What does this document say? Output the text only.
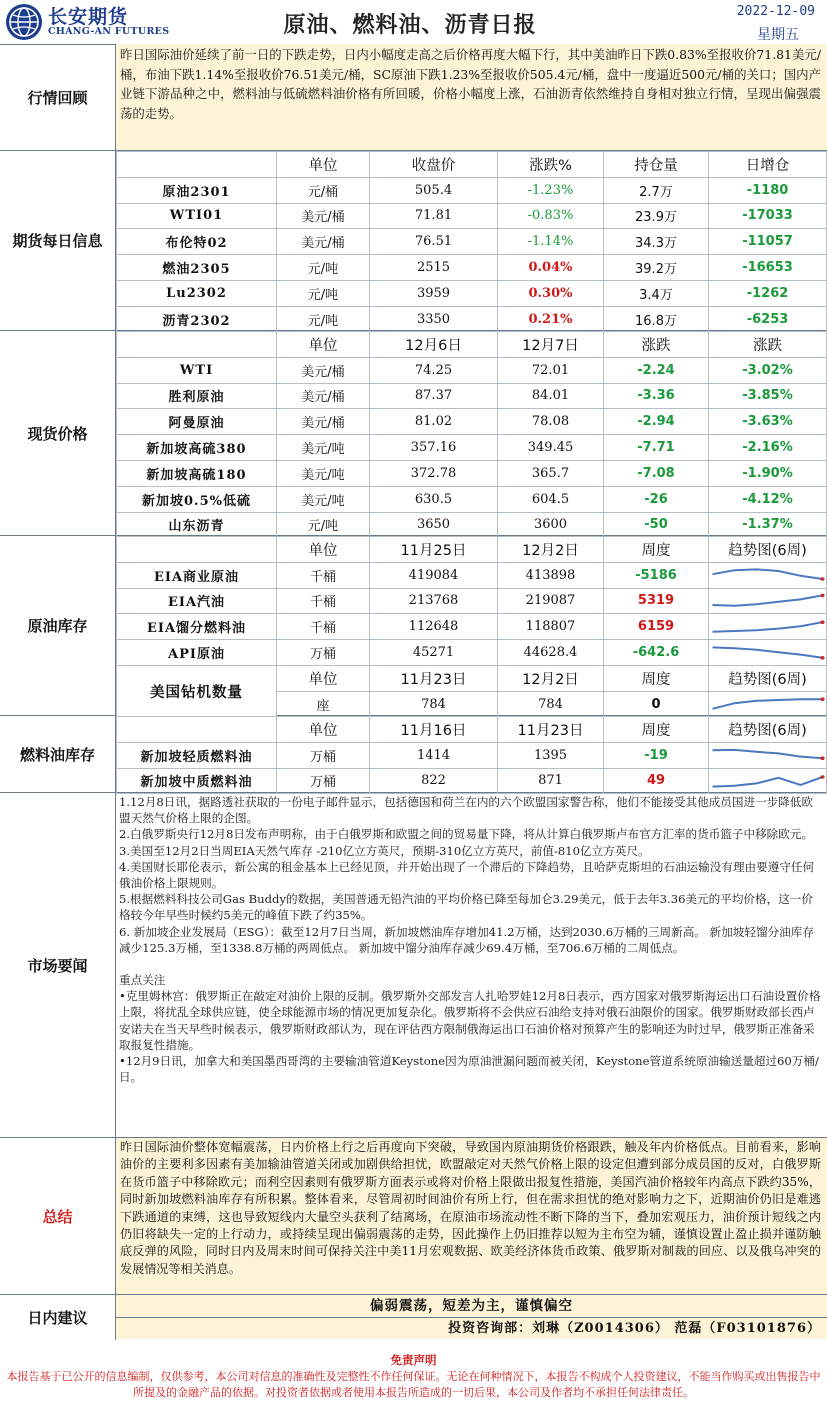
长安期货
CHANG-AN FUTURES	原油、燃料油、沥青日报
2022-12-09
星期五
行情回顾
昨日国际油价延续了前一日的下跌走势，日内小幅度走高之后价格再度大幅下行，其中美油昨日下跌0.83%至报收价71.81美元/桶，布油下跌1.14%至报收价76.51美元/桶，SC原油下跌1.23%至报收价505.4元/桶，盘中一度逼近500元/桶的关口；国内产业链下游品种之中，燃料油与低硫燃料油价格有所回暖，价格小幅度上涨，石油沥青依然维持自身相对独立行情，呈现出偏强震荡的走势。
期货每日信息
	单位	收盘价	涨跌%	持仓量	日增仓
原油2301	元/桶	505.4	-1.23%	2.7万	-1180
WTI01	美元/桶	71.81	-0.83%	23.9万	-17033
布伦特02	美元/桶	76.51	-1.14%	34.3万	-11057
燃油2305	元/吨	2515	0.04%	39.2万	-16653
Lu2302	元/吨	3959	0.30%	3.4万	-1262
沥青2302	元/吨	3350	0.21%	16.8万	-6253
现货价格
	单位	12月6日	12月7日	涨跌	涨跌
WTI	美元/桶	74.25	72.01	-2.24	-3.02%
胜利原油	美元/桶	87.37	84.01	-3.36	-3.85%
阿曼原油	美元/桶	81.02	78.08	-2.94	-3.63%
新加坡高硫380	美元/吨	357.16	349.45	-7.71	-2.16%
新加坡高硫180	美元/吨	372.78	365.7	-7.08	-1.90%
新加坡0.5%低硫	美元/吨	630.5	604.5	-26	-4.12%
山东沥青	元/吨	3650	3600	-50	-1.37%
原油库存
	单位	11月25日	12月2日	周度	趋势图(6周)
EIA商业原油	千桶	419084	413898	-5186	

EIA汽油	千桶	213768	219087	5319	

EIA馏分燃料油	千桶	112648	118807	6159	

API原油	万桶	45271	44628.4	-642.6	

美国钻机数量	单位	11月23日	12月2日	周度	趋势图(6周)
	座	784	784	0	
燃料油库存
	单位	11月16日	11月23日	周度	趋势图(6周)
新加坡轻质燃料油	万桶	1414	1395	-19	

新加坡中质燃料油	万桶	822	871	49	
市场要闻

1.12月8日讯，据路透社获取的一份电子邮件显示，包括德国和荷兰在内的六个欧盟国家警告称，他们不能接受其他成员国进一步降低欧盟天然气价格上限的企图。

2.白俄罗斯央行12月8日发布声明称，由于白俄罗斯和欧盟之间的贸易量下降，将从计算白俄罗斯卢布官方汇率的货币篮子中移除欧元。

3.美国至12月2日当周EIA天然气库存 -210亿立方英尺，预期-310亿立方英尺，前值-810亿立方英尺。

4.美国财长耶伦表示，新公寓的租金基本上已经见顶，并开始出现了一个滞后的下降趋势，且哈萨克斯坦的石油运输没有理由要遵守任何俄油价格上限规则。

5.根据燃料科技公司Gas Buddy的数据，美国普通无铅汽油的平均价格已降至每加仑3.29美元，低于去年3.36美元的平均价格，这一价格较今年早些时候约5美元的峰值下跌了约35%。

6. 新加坡企业发展局（ESG）：截至12月7日当周，新加坡燃油库存增加41.2万桶，达到2030.6万桶的三周新高。 新加坡轻馏分油库存减少125.3万桶，至1338.8万桶的两周低点。 新加坡中馏分油库存减少69.4万桶，至706.6万桶的二周低点。

重点关注

•克里姆林宫：俄罗斯正在敲定对油价上限的反制。俄罗斯外交部发言人扎哈罗娃12月8日表示，西方国家对俄罗斯海运出口石油设置价格上限，将扰乱全球供应链，使全球能源市场的情况更加复杂化。俄罗斯将不会供应石油给支持对俄石油限价的国家。俄罗斯财政部长西卢安诺夫在当天早些时候表示，俄罗斯财政部认为，现在评估西方限制俄海运出口石油价格对预算产生的影响还为时过早，俄罗斯正准备采取报复性措施。

•12月9日讯，加拿大和美国墨西哥湾的主要输油管道Keystone因为原油泄漏问题而被关闭，Keystone管道系统原油输送量超过60万桶/日。

总结
昨日国际油价整体宽幅震荡，日内价格上行之后再度向下突破，导致国内原油期货价格跟跌，触及年内价格低点。目前看来，影响油价的主要利多因素有美加输油管道关闭或加剧供给担忧，欧盟敲定对天然气价格上限的设定但遭到部分成员国的反对，白俄罗斯在货币篮子中移除欧元；而利空因素则有俄罗斯方面表示或将对价格上限做出报复性措施，美国汽油价格较年内高点下跌约35%，同时新加坡燃料油库存有所积累。整体看来，尽管周初时间油价有所上行，但在需求担忧的绝对影响力之下，近期油价仍旧是难逃下跌通道的束缚，这也导致短线内大量空头获利了结离场，在原油市场流动性不断下降的当下，叠加宏观压力，油价预计短线之内仍旧将缺失一定的上行动力，或持续呈现出偏弱震荡的走势，因此操作上仍旧推荐以短为主布空为辅，谨慎设置止盈止损并谨防触底反弹的风险，同时日内及周末时间可保持关注中美11月宏观数据、欧美经济体货币政策、俄罗斯对制裁的回应、以及俄乌冲突的发展情况等相关消息。
日内建议
偏弱震荡，短差为主，谨慎偏空
投资咨询部：刘琳（Z0014306） 范磊（F03101876）
免责声明
本报告基于已公开的信息编制，仅供参考，本公司对信息的准确性及完整性不作任何保证。无论在何种情况下，本报告不构成个人投资建议，不能当作购买或出售报告中所提及的金融产品的依据。对投资者依据或者使用本报告所造成的一切后果，本公司及作者均不承担任何法律责任。
